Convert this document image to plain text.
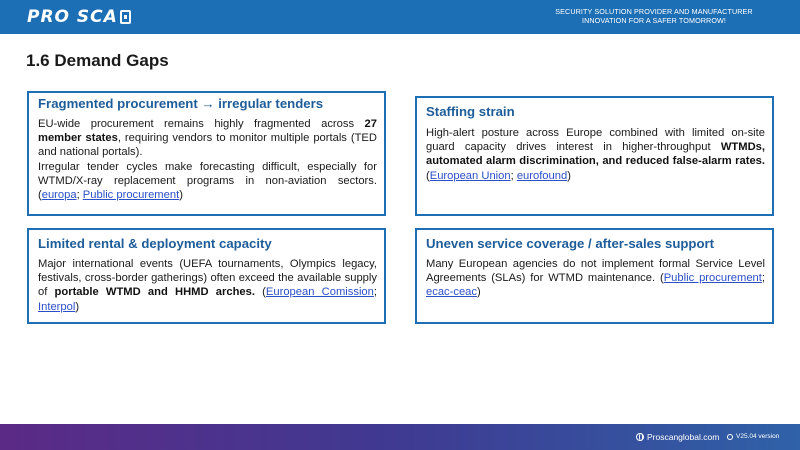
PRO SCA	SECURITY SOLUTION PROVIDER AND MANUFACTURER
INNOVATION FOR A SAFER TOMORROW!
1.6 Demand Gaps
Fragmented procurement → irregular tenders
EU-wide procurement remains highly fragmented across 27 member states, requiring vendors to monitor multiple portals (TED and national portals).
Irregular tender cycles make forecasting difficult, especially for WTMD/X-ray replacement programs in non-aviation sectors. (europa; Public procurement)
Staffing strain
High-alert posture across Europe combined with limited on-site guard capacity drives interest in higher-throughput WTMDs, automated alarm discrimination, and reduced false-alarm rates. (European Union; eurofound)
Limited rental & deployment capacity
Major international events (UEFA tournaments, Olympics legacy, festivals, cross-border gatherings) often exceed the available supply of portable WTMD and HHMD arches. (European Comission; Interpol)
Uneven service coverage / after-sales support
Many European agencies do not implement formal Service Level Agreements (SLAs) for WTMD maintenance. (Public procurement; ecac-ceac)
Proscanglobal.com	V25.04 version
